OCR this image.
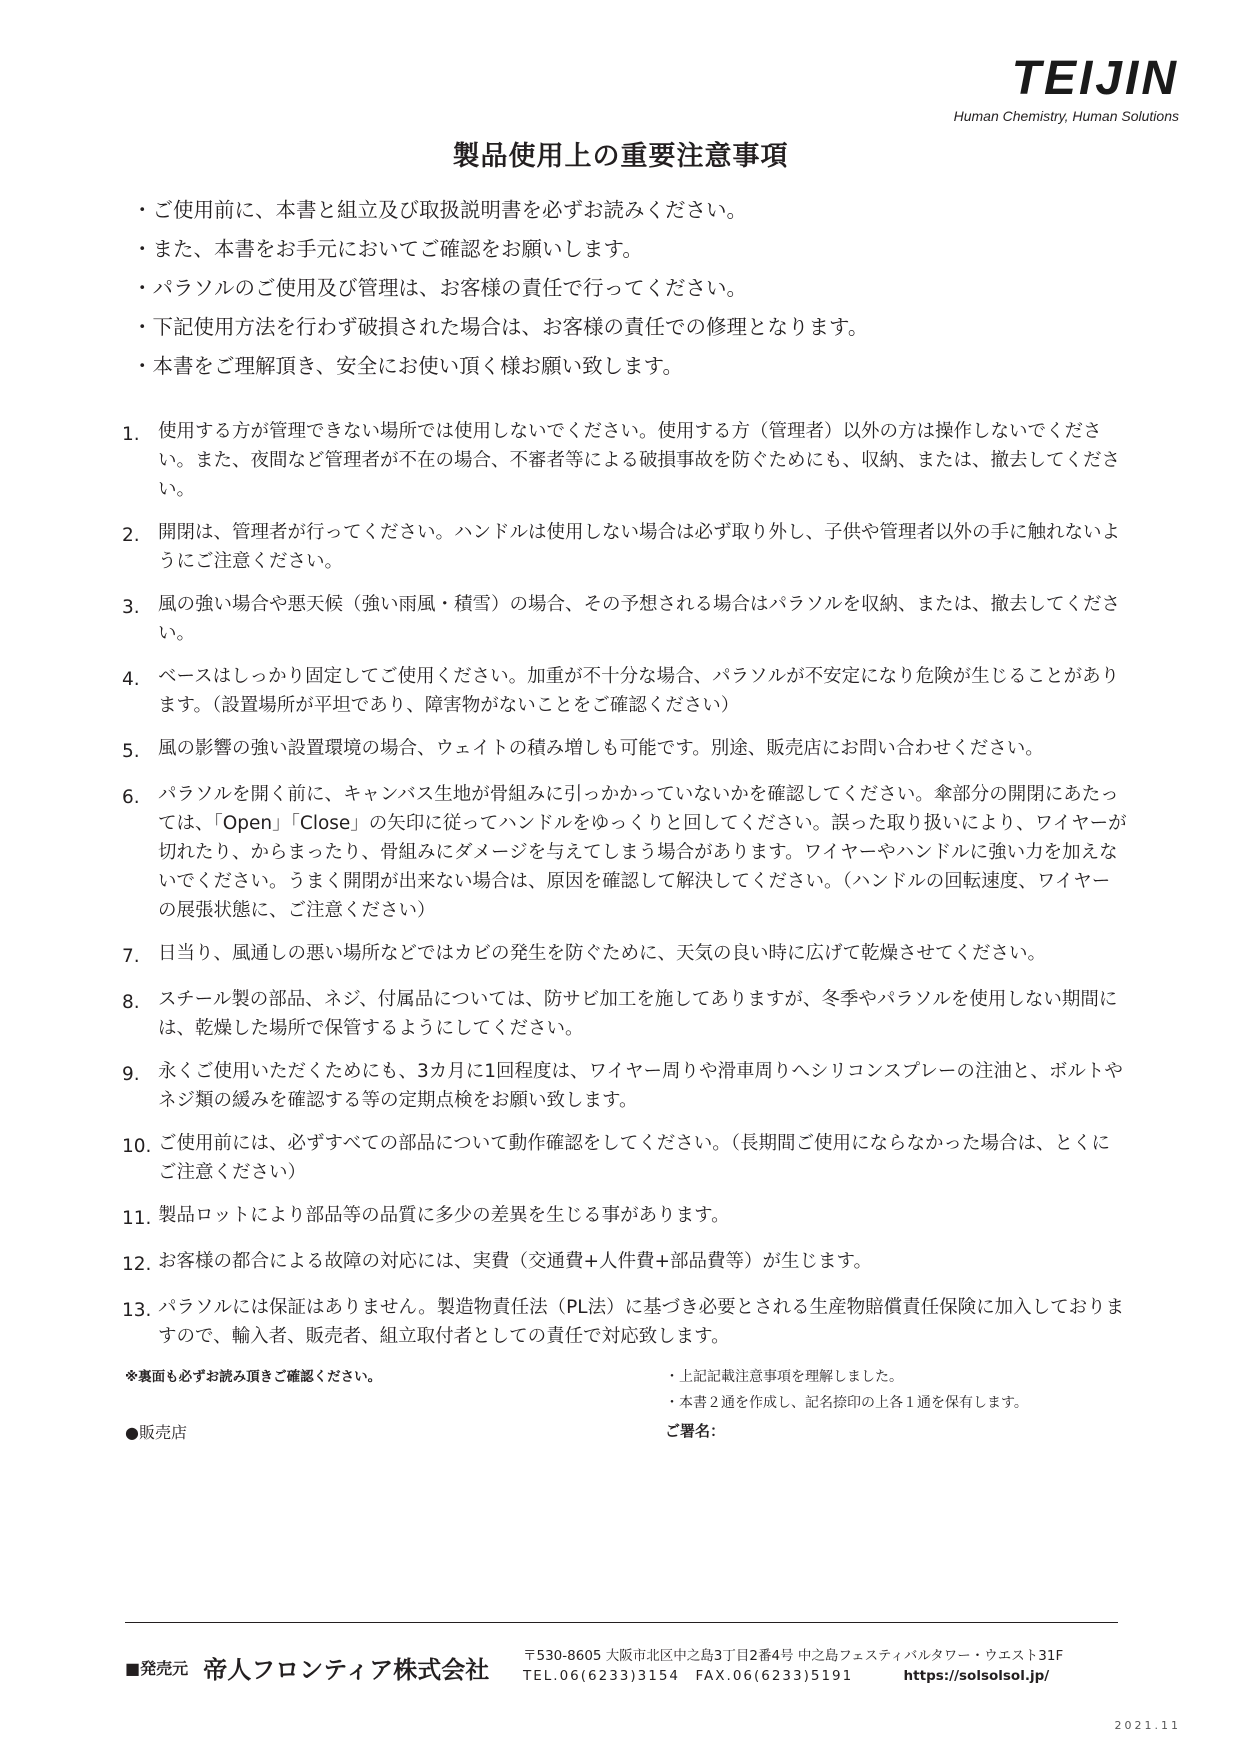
TEIJIN
Human Chemistry, Human Solutions
製品使用上の重要注意事項
・ご使用前に、本書と組立及び取扱説明書を必ずお読みください。
・また、本書をお手元においてご確認をお願いします。
・パラソルのご使用及び管理は、お客様の責任で行ってください。
・下記使用方法を行わず破損された場合は、お客様の責任での修理となります。
・本書をご理解頂き、安全にお使い頂く様お願い致します。
1. 使用する方が管理できない場所では使用しないでください。使用する方（管理者）以外の方は操作しないでください。また、夜間など管理者が不在の場合、不審者等による破損事故を防ぐためにも、収納、または、撤去してください。
2. 開閉は、管理者が行ってください。ハンドルは使用しない場合は必ず取り外し、子供や管理者以外の手に触れないようにご注意ください。
3. 風の強い場合や悪天候（強い雨風・積雪）の場合、その予想される場合はパラソルを収納、または、撤去してください。
4. ベースはしっかり固定してご使用ください。加重が不十分な場合、パラソルが不安定になり危険が生じることがあります。（設置場所が平坦であり、障害物がないことをご確認ください）
5. 風の影響の強い設置環境の場合、ウェイトの積み増しも可能です。別途、販売店にお問い合わせください。
6. パラソルを開く前に、キャンバス生地が骨組みに引っかかっていないかを確認してください。傘部分の開閉にあたっては、「Open」「Close」の矢印に従ってハンドルをゆっくりと回してください。誤った取り扱いにより、ワイヤーが切れたり、からまったり、骨組みにダメージを与えてしまう場合があります。ワイヤーやハンドルに強い力を加えないでください。うまく開閉が出来ない場合は、原因を確認して解決してください。（ハンドルの回転速度、ワイヤーの展張状態に、ご注意ください）
7. 日当り、風通しの悪い場所などではカビの発生を防ぐために、天気の良い時に広げて乾燥させてください。
8. スチール製の部品、ネジ、付属品については、防サビ加工を施してありますが、冬季やパラソルを使用しない期間には、乾燥した場所で保管するようにしてください。
9. 永くご使用いただくためにも、3カ月に1回程度は、ワイヤー周りや滑車周りへシリコンスプレーの注油と、ボルトやネジ類の緩みを確認する等の定期点検をお願い致します。
10. ご使用前には、必ずすべての部品について動作確認をしてください。（長期間ご使用にならなかった場合は、とくにご注意ください）
11. 製品ロットにより部品等の品質に多少の差異を生じる事があります。
12. お客様の都合による故障の対応には、実費（交通費+人件費+部品費等）が生じます。
13. パラソルには保証はありません。製造物責任法（PL法）に基づき必要とされる生産物賠償責任保険に加入しておりますので、輸入者、販売者、組立取付者としての責任で対応致します。
※裏面も必ずお読み頂きご確認ください。
●販売店
・上記記載注意事項を理解しました。
・本書２通を作成し、記名捺印の上各１通を保有します。
ご署名：
■発売元 帝人フロンティア株式会社 〒530-8605 大阪市北区中之島3丁目2番4号 中之島フェスティバルタワー・ウエスト31F
TEL.06(6233)3154　FAX.06(6233)5191	https://solsolsol.jp/
2021.11
